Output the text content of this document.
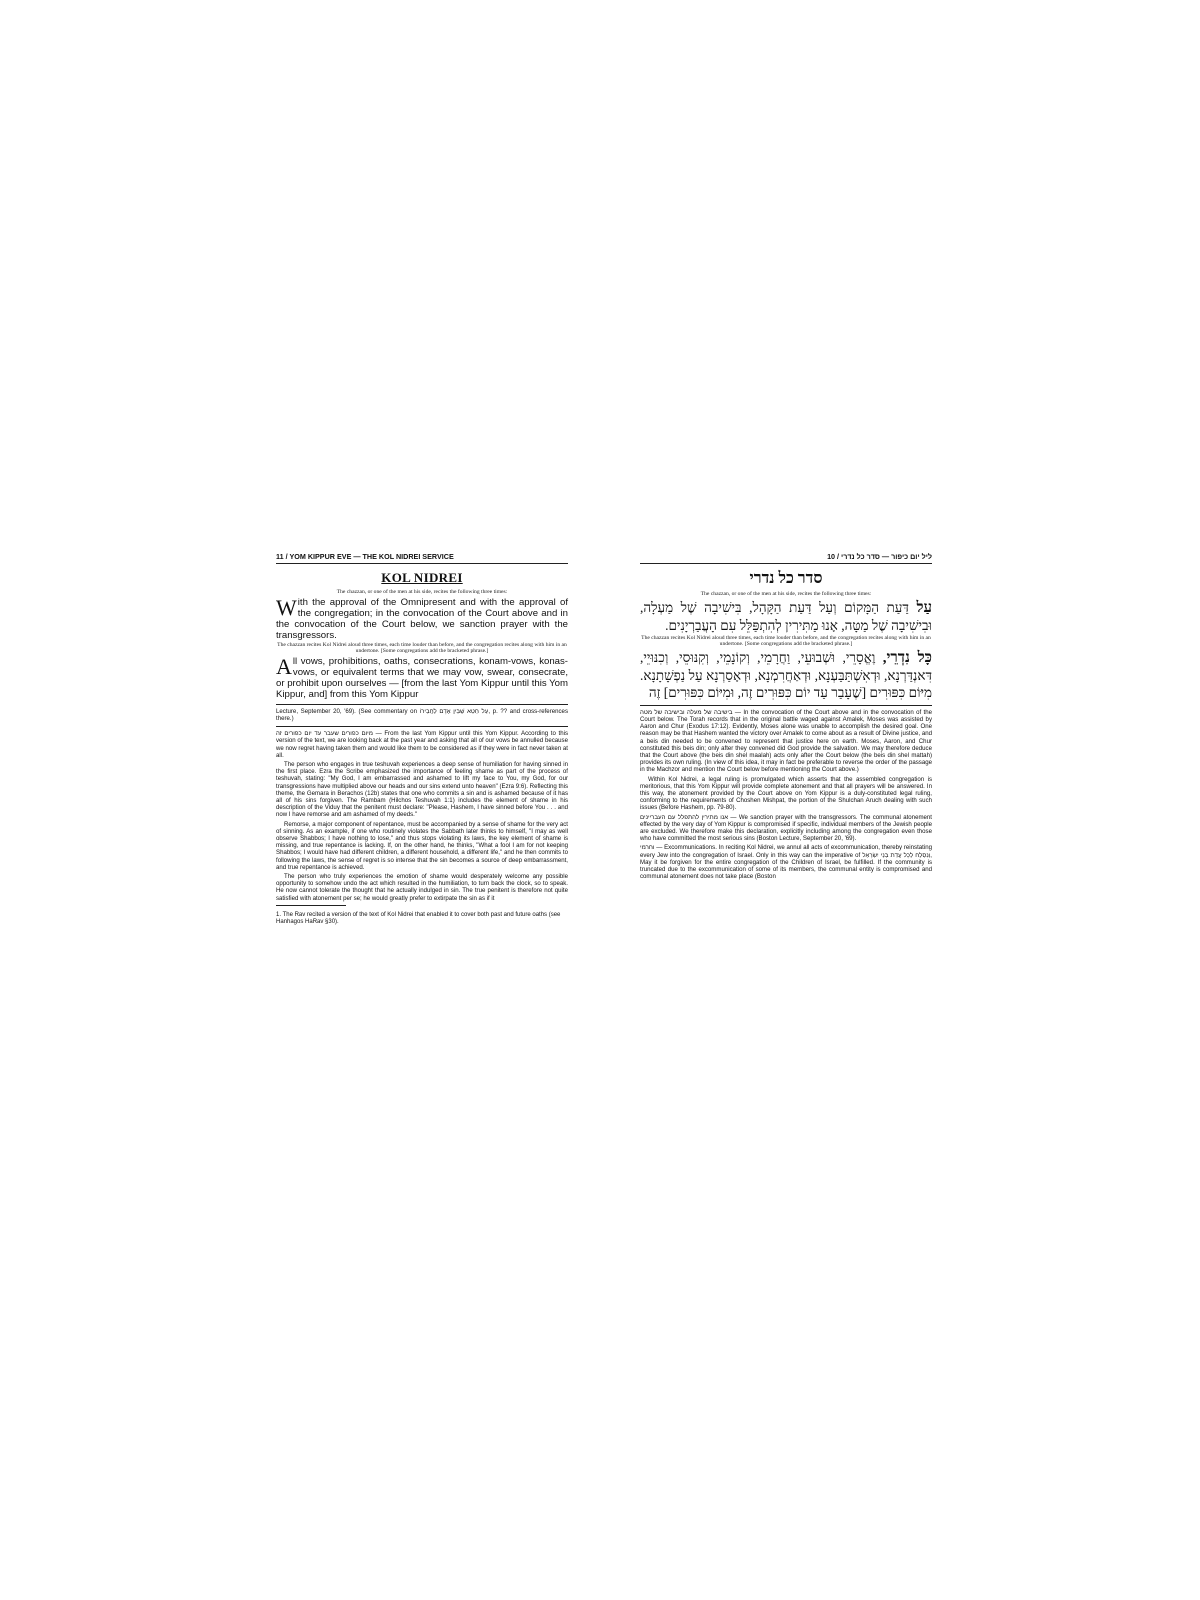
11 / YOM KIPPUR EVE — THE KOL NIDREI SERVICE
KOL NIDREI
The chazzan, or one of the men at his side, recites the following three times:

With the approval of the Omnipresent and with the approval of the congregation; in the convocation of the Court above and in the convocation of the Court below, we sanction prayer with the transgressors.

The chazzan recites Kol Nidrei aloud three times, each time louder than before, and the congregation recites along with him in an undertone. [Some congregations add the bracketed phrase.]

All vows, prohibitions, oaths, consecrations, konam-vows, konas-vows, or equivalent terms that we may vow, swear, consecrate, or prohibit upon ourselves — [from the last Yom Kippur until this Yom Kippur, and] from this Yom Kippur

Lecture, September 20, '69). (See commentary on עַל חֵטְא שֶׁבֵּין אָדָם לַחֲבֵירוֹ, p. ?? and cross-references there.)

מיום כפורים שעבר עד יום כפורים זה — From the last Yom Kippur until this Yom Kippur. According to this version of the text, we are looking back at the past year and asking that all of our vows be annulled because we now regret having taken them and would like them to be considered as if they were in fact never taken at all.

The person who engages in true teshuvah experiences a deep sense of humiliation for having sinned in the first place. Ezra the Scribe emphasized the importance of feeling shame as part of the process of teshuvah, stating: "My God, I am embarrassed and ashamed to lift my face to You, my God, for our transgressions have multiplied above our heads and our sins extend unto heaven" (Ezra 9:6). Reflecting this theme, the Gemara in Berachos (12b) states that one who commits a sin and is ashamed because of it has all of his sins forgiven. The Rambam (Hilchos Teshuvah 1:1) includes the element of shame in his description of the Viduy that the penitent must declare: "Please, Hashem, I have sinned before You . . . and now I have remorse and am ashamed of my deeds."

Remorse, a major component of repentance, must be accompanied by a sense of shame for the very act of sinning. As an example, if one who routinely violates the Sabbath later thinks to himself, "I may as well observe Shabbos; I have nothing to lose," and thus stops violating its laws, the key element of shame is missing, and true repentance is lacking. If, on the other hand, he thinks, "What a fool I am for not keeping Shabbos; I would have had different children, a different household, a different life," and he then commits to following the laws, the sense of regret is so intense that the sin becomes a source of deep embarrassment, and true repentance is achieved.

The person who truly experiences the emotion of shame would desperately welcome any possible opportunity to somehow undo the act which resulted in the humiliation, to turn back the clock, so to speak. He now cannot tolerate the thought that he actually indulged in sin. The true penitent is therefore not quite satisfied with atonement per se; he would greatly prefer to extirpate the sin as if it

1. The Rav recited a version of the text of Kol Nidrei that enabled it to cover both past and future oaths (see Hanhagos HaRav §30).

ליל יום כיפור — סדר כל נדרי / 10
סדר כל נדרי
The chazzan, or one of the men at his side, recites the following three times:

עַל דַּעַת הַמָּקוֹם וְעַל דַּעַת הַקָּהָל, בִּישִׁיבָה שֶׁל מַעְלָה, וּבִישִׁיבָה שֶׁל מַטָּה, אָנוּ מַתִּירִין לְהִתְפַּלֵּל עִם הָעֲבַרְיָנִים.

The chazzan recites Kol Nidrei aloud three times, each time louder than before, and the congregation recites along with him in an undertone. [Some congregations add the bracketed phrase.]

כָּל נִדְרֵי, וֶאֱסָרֵי, וּשְׁבוּעֵי, וַחֲרָמֵי, וְקוֹנָמֵי, וְקִנּוּסֵי, וְכִנּוּיֵי, דִּאנְדַּרְנָא, וּדְאִשְׁתַּבַּעְנָא, וּדְאַחֲרִמְנָא, וּדְאָסַרְנָא עַל נַפְשָׁתָנָא. מִיּוֹם כִּפּוּרִים [שֶׁעָבַר עַד יוֹם כִּפּוּרִים זֶה, וּמִיּוֹם כִּפּוּרִים] זֶה

בישיבה של מעלה ובישיבה של מטה — In the convocation of the Court above and in the convocation of the Court below. The Torah records that in the original battle waged against Amalek, Moses was assisted by Aaron and Chur (Exodus 17:12). Evidently, Moses alone was unable to accomplish the desired goal. One reason may be that Hashem wanted the victory over Amalek to come about as a result of Divine justice, and a beis din needed to be convened to represent that justice here on earth. Moses, Aaron, and Chur constituted this beis din; only after they convened did God provide the salvation. We may therefore deduce that the Court above (the beis din shel maalah) acts only after the Court below (the beis din shel mattah) provides its own ruling. (In view of this idea, it may in fact be preferable to reverse the order of the passage in the Machzor and mention the Court below before mentioning the Court above.)

Within Kol Nidrei, a legal ruling is promulgated which asserts that the assembled congregation is meritorious, that this Yom Kippur will provide complete atonement and that all prayers will be answered. In this way, the atonement provided by the Court above on Yom Kippur is a duly-constituted legal ruling, conforming to the requirements of Choshen Mishpat, the portion of the Shulchan Aruch dealing with such issues (Before Hashem, pp. 79-80).

אנו מתירין להתפלל עם העבריינים — We sanction prayer with the transgressors. The communal atonement effected by the very day of Yom Kippur is compromised if specific, individual members of the Jewish people are excluded. We therefore make this declaration, explicitly including among the congregation even those who have committed the most serious sins (Boston Lecture, September 20, '69).

וחרמי — Excommunications. In reciting Kol Nidrei, we annul all acts of excommunication, thereby reinstating every Jew into the congregation of Israel. Only in this way can the imperative of וְנִסְלַח לְכָל עֲדַת בְּנֵי יִשְׂרָאֵל, May it be forgiven for the entire congregation of the Children of Israel, be fulfilled. If the community is truncated due to the excommunication of some of its members, the communal entity is compromised and communal atonement does not take place (Boston
